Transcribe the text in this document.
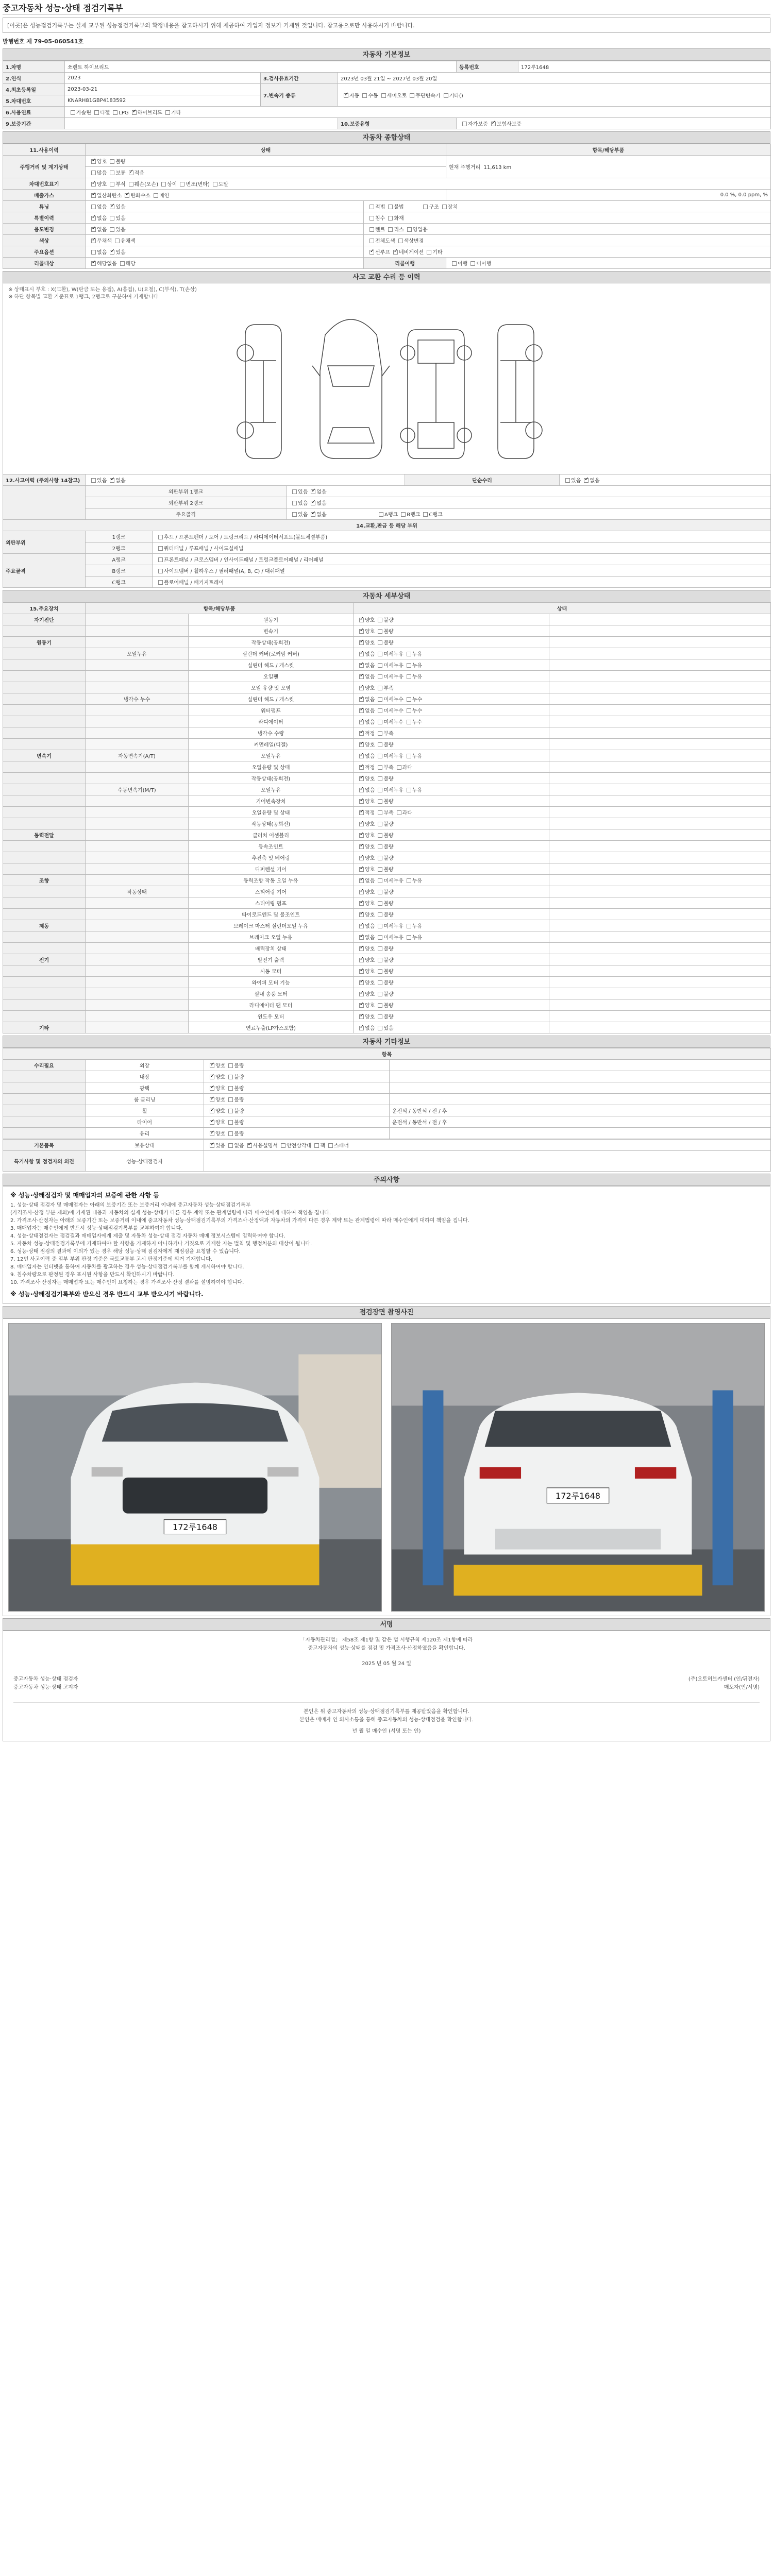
중고자동차 성능·상태 점검기록부
[이곳]은 성능점검기록부는 실제 교부된 성능점검기록부의 확정내용을 참고하시기 위해 제공하여 가입자 정보가 기재된 것입니다. 참고용으로만 사용하시기 바랍니다.
발행번호 제 79-05-060541호
자동차 기본정보
1.차명	쏘렌토 하이브리드			등록번호	172루1648
2.연식	2023	3.검사유효기간	2023년 03월 21일 ~ 2027년 03월 20일		
4.최초등록일	2023-03-21	7.변속기 종류	✓자동 수동 세미오토 무단변속기 기타()
5.차대번호	KNARH81GBP4183592				
6.사용연료	가솔린 디젤 LPG ✓ 하이브리드 기타
9.보증기간			10.보증유형	자가보증 ✓ 보험사보증
자동차 종합상태
11.사용이력	상태		항목/해당부품
주행거리 및 계기상태	✓양호 불량		현재 주행거리 11,613 km
	많음 보통 ✓ 적음
차대번호표기	✓양호 부식 훼손(오손) 상이 변조(변타) 도말
배출가스	✓일산화탄소 ✓ 탄화수소 매연		0.0 %, 0.0 ppm, %
튜닝	없음 ✓ 있음	적법 불법 구조 장치	
특별이력	✓없음 있음	침수 화재	
용도변경	✓없음 있음	렌트 리스 영업용	
색상	✓무채색 유채색	전체도색 색상변경	
주요옵션	없음 ✓ 있음	✓선루프 ✓ 네비게이션 기타
리콜대상	✓해당없음 해당	리콜이행	이행 미이행
사고 교환 수리 등 이력
※ 상태표시 부호 : X(교환), W(판금 또는 용접), A(흠집), U(요철), C(부식), T(손상)
※ 하단 항목별 교환 기준표로 1랭크, 2랭크로 구분하여 기재합니다
12.사고이력 (주의사항 14참고)	있음 ✓ 없음			단순수리	있음 ✓ 없음
	외판부위 1랭크		있음 ✓ 없음
	외판부위 2랭크		있음 ✓ 없음
	주요골격		있음 ✓ 없음 A랭크 B랭크 C랭크
14.교환,판금 등 해당 부위					
외판부위	1랭크	후드 / 프론트펜더 / 도어 / 트렁크리드 / 라디에이터서포트(볼트체결부품)			
	2랭크	쿼터패널 / 루프패널 / 사이드실패널			
주요골격	A랭크	프론트패널 / 크로스멤버 / 인사이드패널 / 트렁크플로어패널 / 리어패널			
	B랭크	사이드멤버 / 휠하우스 / 필러패널(A, B, C) / 대쉬패널			
	C랭크	플로어패널 / 패키지트레이			
자동차 세부상태
15.주요장치	항목/해당부품		상태	
자기진단		원동기	✓양호 불량	
		변속기	✓양호 불량	
원동기		작동상태(공회전)	✓양호 불량	
	오일누유	실린더 커버(로커암 커버)	✓없음 미세누유 누유	
		실린더 헤드 / 개스킷	✓없음 미세누유 누유	
		오일팬	✓없음 미세누유 누유	
		오일 유량 및 오염	✓양호 부족	
	냉각수 누수	실린더 헤드 / 개스킷	✓없음 미세누수 누수	
		워터펌프	✓없음 미세누수 누수	
		라디에이터	✓없음 미세누수 누수	
		냉각수 수량	✓적정 부족	
		커먼레일(디젤)	✓양호 불량	
변속기	자동변속기(A/T)	오일누유	✓없음 미세누유 누유	
		오일유량 및 상태	✓적정 부족 과다	
		작동상태(공회전)	✓양호 불량	
	수동변속기(M/T)	오일누유	✓없음 미세누유 누유	
		기어변속장치	✓양호 불량	
		오일유량 및 상태	✓적정 부족 과다	
		작동상태(공회전)	✓양호 불량	
동력전달		클러치 어셈블리	✓양호 불량	
		등속조인트	✓양호 불량	
		추진축 및 베어링	✓양호 불량	
		디퍼렌셜 기어	✓양호 불량	
조향		동력조향 작동 오일 누유	✓없음 미세누유 누유	
	작동상태	스티어링 기어	✓양호 불량	
		스티어링 펌프	✓양호 불량	
		타이로드엔드 및 볼조인트	✓양호 불량	
제동		브레이크 마스터 실린더오일 누유	✓없음 미세누유 누유	
		브레이크 오일 누유	✓없음 미세누유 누유	
		배력장치 상태	✓양호 불량	
전기		발전기 출력	✓양호 불량	
		시동 모터	✓양호 불량	
		와이퍼 모터 기능	✓양호 불량	
		실내 송풍 모터	✓양호 불량	
		라디에이터 팬 모터	✓양호 불량	
		윈도우 모터	✓양호 불량	
기타		연료누출(LP가스포함)	✓없음 있음	
자동차 기타정보
항목			
수리필요	외장	✓양호 불량	
	내장	✓양호 불량	
	광택	✓양호 불량	
	룸 클리닝	✓양호 불량	
	휠	✓양호 불량	운전석 / 동반석 / 전 / 후
	타이어	✓양호 불량	운전석 / 동반석 / 전 / 후
	유리	✓양호 불량	
기본품목	보유상태	✓있음 없음 ✓ 사용설명서 안전삼각대 잭 스패너
특기사항 및 점검자의 의견	성능·상태점검자	
주의사항
※ 성능·상태점검자 및 매매업자의 보증에 관한 사항 등
1. 성능·상태 점검자 및 매매업자는 아래의 보증기간 또는 보증거리 이내에 중고자동차 성능·상태점검기록부
(가격조사·산정 부분 제외)에 기재된 내용과 자동차의 실제 성능·상태가 다른 경우 계약 또는 관계법령에 따라 매수인에게 대하여 책임을 집니다.
2. 가격조사·산정자는 아래의 보증기간 또는 보증거리 이내에 중고자동차 성능·상태점검기록부의 가격조사·산정액과 자동차의 가격이 다른 경우 계약 또는 관계법령에 따라 매수인에게 대하여 책임을 집니다.
3. 매매업자는 매수인에게 반드시 성능·상태점검기록부를 교부하여야 합니다.
4. 성능·상태점검자는 점검결과 매매업자에게 제출 및 자동차 성능·상태 점검 자동차 매매 정보시스템에 입력하여야 합니다.
5. 자동차 성능·상태점검기록부에 기재하여야 할 사항을 기재하지 아니하거나 거짓으로 기재한 자는 벌칙 및 행정처분의 대상이 됩니다.
6. 성능·상태 점검의 결과에 이의가 있는 경우 해당 성능·상태 점검자에게 재점검을 요청할 수 있습니다.
7. 12번 사고이력 중 일부 부위 판정 기준은 국토교통부 고시 판정기준에 의거 기재합니다.
8. 매매업자는 인터넷을 통하여 자동차를 광고하는 경우 성능·상태점검기록부를 함께 게시하여야 합니다.
9. 침수차량으로 판정된 경우 표시된 사항을 반드시 확인하시기 바랍니다.
10. 가격조사·산정자는 매매업자 또는 매수인이 요청하는 경우 가격조사·산정 결과를 설명하여야 합니다.
※ 성능·상태점검기록부와 받으신 경우 반드시 교부 받으시기 바랍니다.
점검장면 촬영사진
172루1648
172루1648
서명
「자동차관리법」 제58조 제1항 및 같은 법 시행규칙 제120조 제1항에 따라
중고자동차의 성능·상태를 점검 및 가격조사·산정하였음을 확인합니다.
2025 년 05 월 24 일
중고자동차 성능·상태 점검자	(주)오토허브카센터 (인/뒤전자)
중고자동차 성능·상태 고지자	매도자(인/서명)
본인은 위 중고자동차의 성능·상태점검기록부를 제공받았음을 확인합니다.
본인은 매매자 인 의사소통을 통해 중고자동차의 성능·상태점검을 확인합니다.
년 월 일 매수인 (서명 또는 인)
